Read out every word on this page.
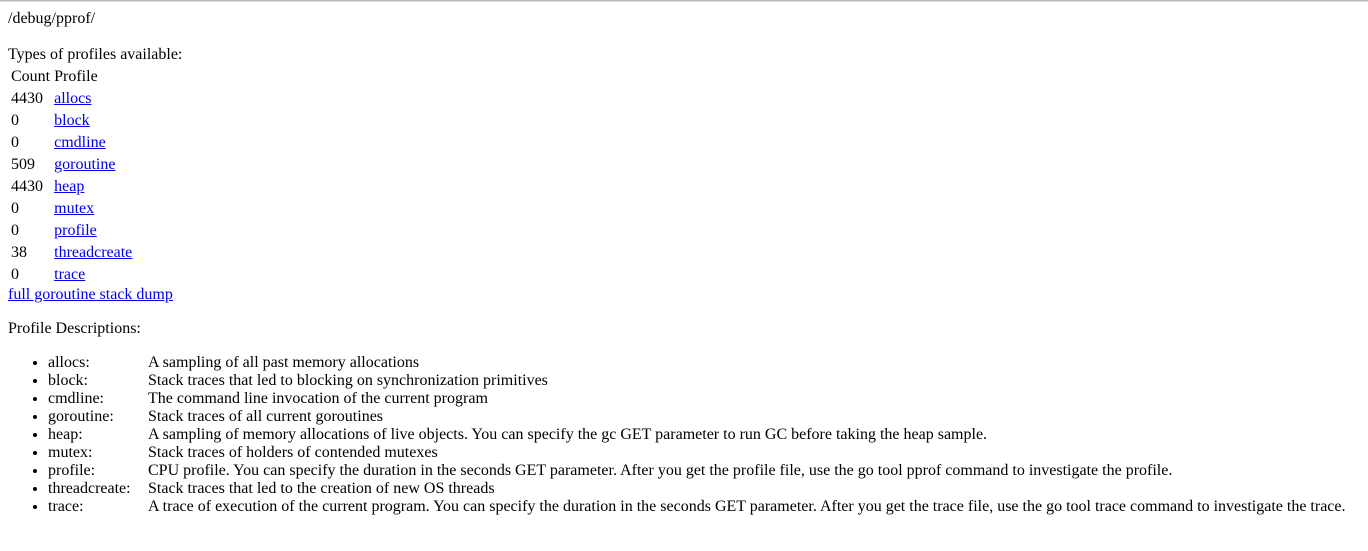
/debug/pprof/
Types of profiles available:
Count	Profile
4430	allocs
0	block
0	cmdline
509	goroutine
4430	heap
0	mutex
0	profile
38	threadcreate
0	trace
full goroutine stack dump
Profile Descriptions:
• allocs:	A sampling of all past memory allocations
• block:	Stack traces that led to blocking on synchronization primitives
• cmdline:	The command line invocation of the current program
• goroutine: Stack traces of all current goroutines
• heap:	A sampling of memory allocations of live objects. You can specify the gc GET parameter to run GC before taking the heap sample.
• mutex:	Stack traces of holders of contended mutexes
• profile:	CPU profile. You can specify the duration in the seconds GET parameter. After you get the profile file, use the go tool pprof command to investigate the profile.
• threadcreate: Stack traces that led to the creation of new OS threads
• trace:	A trace of execution of the current program. You can specify the duration in the seconds GET parameter. After you get the trace file, use the go tool trace command to investigate the trace.
